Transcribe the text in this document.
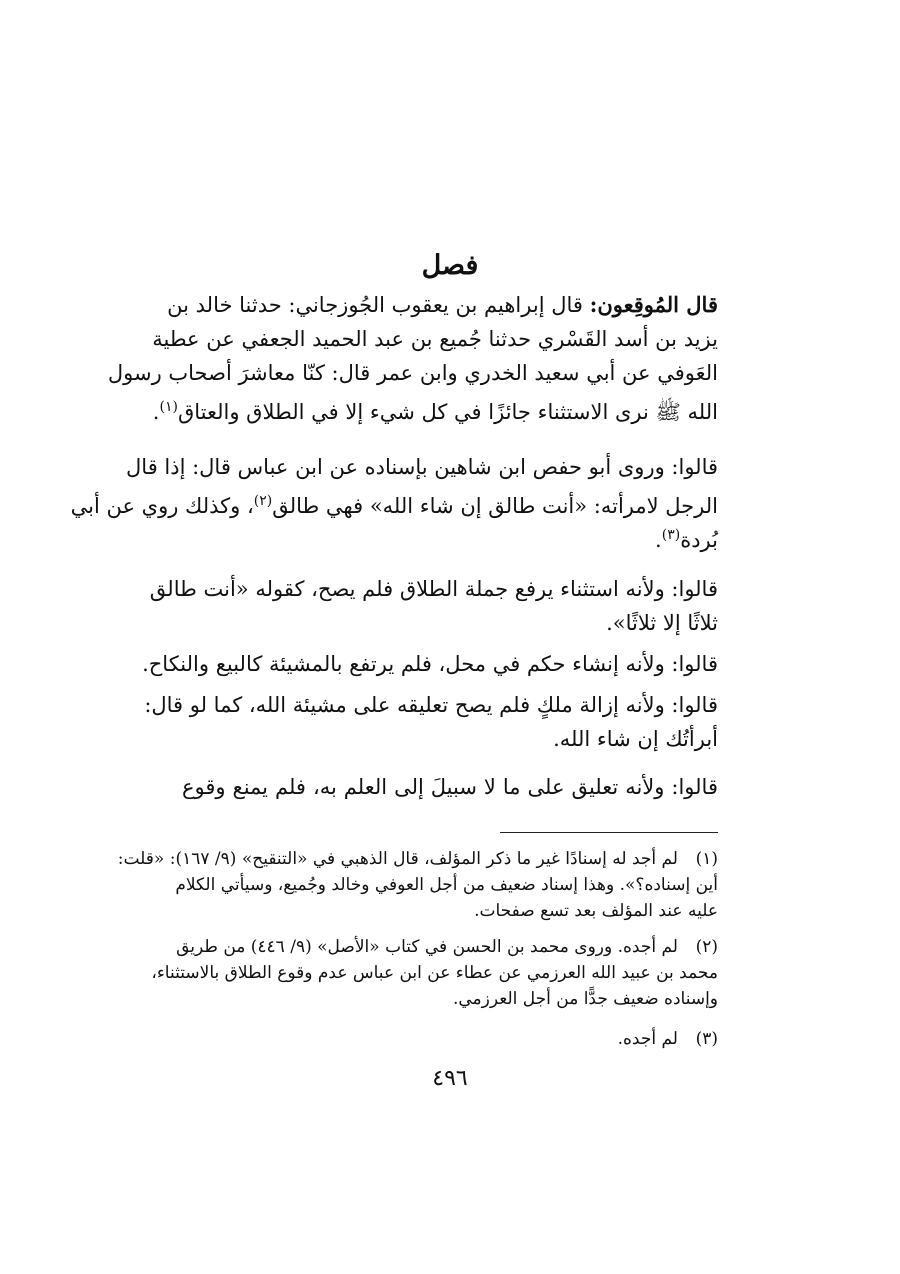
فصل
قال المُوقِعون: قال إبراهيم بن يعقوب الجُوزجاني: حدثنا خالد بن
يزيد بن أسد القَسْري حدثنا جُميع بن عبد الحميد الجعفي عن عطية
العَوفي عن أبي سعيد الخدري وابن عمر قال: كنّا معاشرَ أصحاب رسول
الله ﷺ نرى الاستثناء جائزًا في كل شيء إلا في الطلاق والعتاق$^{(١)}$.
قالوا: وروى أبو حفص ابن شاهين بإسناده عن ابن عباس قال: إذا قال
الرجل لامرأته: «أنت طالق إن شاء الله» فهي طالق$^{(٢)}$، وكذلك روي عن أبي
بُردة$^{(٣)}$.
قالوا: ولأنه استثناء يرفع جملة الطلاق فلم يصح، كقوله «أنت طالق
ثلاثًا إلا ثلاثًا».
قالوا: ولأنه إنشاء حكم في محل، فلم يرتفع بالمشيئة كالبيع والنكاح.
قالوا: ولأنه إزالة ملكٍ فلم يصح تعليقه على مشيئة الله، كما لو قال:
أبرأتُك إن شاء الله.
قالوا: ولأنه تعليق على ما لا سبيلَ إلى العلم به، فلم يمنع وقوع
(١)
لم أجد له إسنادًا غير ما ذكر المؤلف، قال الذهبي في «التنقيح» (٩/ ١٦٧): «قلت:
أين إسناده؟». وهذا إسناد ضعيف من أجل العوفي وخالد وجُميع، وسيأتي الكلام
عليه عند المؤلف بعد تسع صفحات.
(٢)
لم أجده. وروى محمد بن الحسن في كتاب «الأصل» (٩/ ٤٤٦) من طريق
محمد بن عبيد الله العرزمي عن عطاء عن ابن عباس عدم وقوع الطلاق بالاستثناء،
وإسناده ضعيف جدًّا من أجل العرزمي.
(٣)
لم أجده.

٤٩٦
